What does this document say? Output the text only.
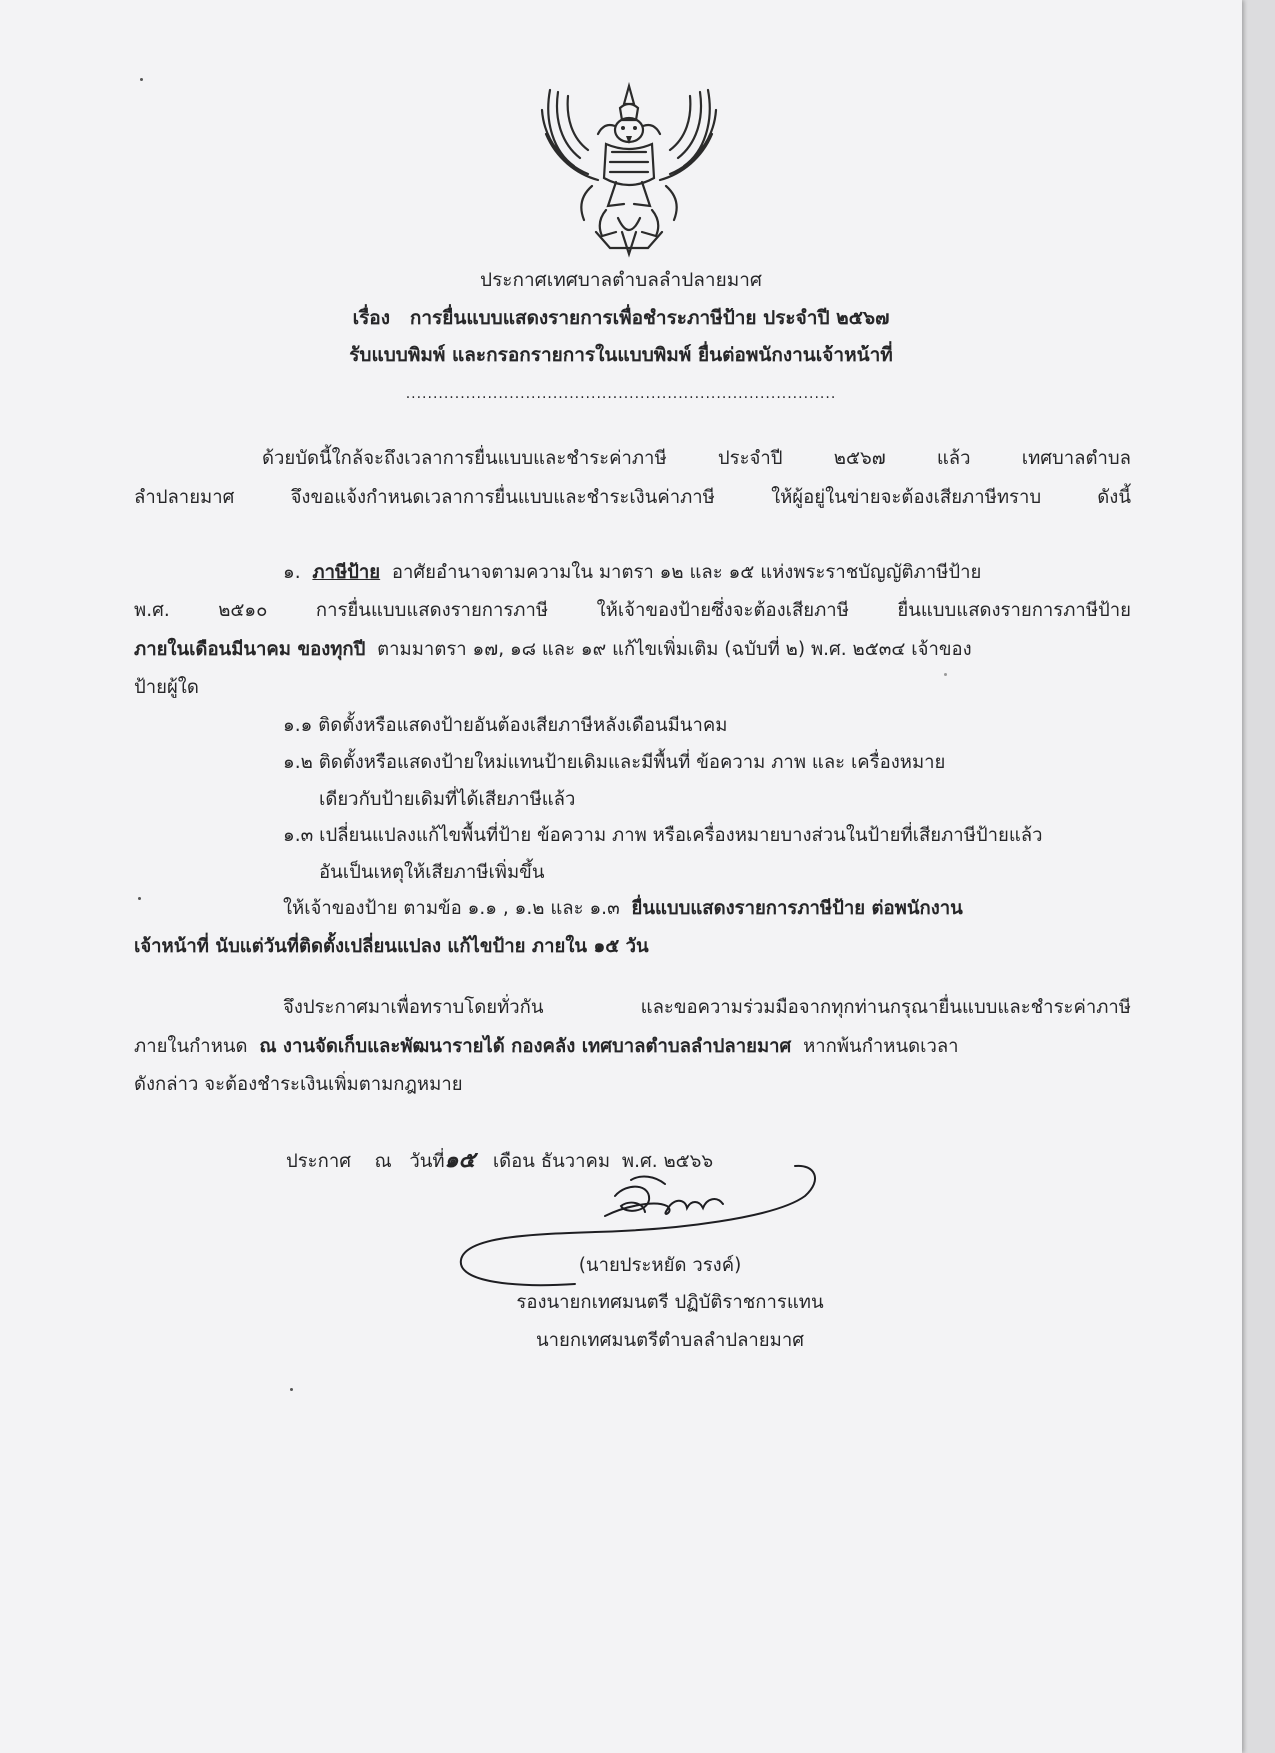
ประกาศเทศบาลตำบลลำปลายมาศ
เรื่อง การยื่นแบบแสดงรายการเพื่อชำระภาษีป้าย ประจำปี ๒๕๖๗
รับแบบพิมพ์ และกรอกรายการในแบบพิมพ์ ยื่นต่อพนักงานเจ้าหน้าที่
...............................................................................
ด้วยบัดนี้ใกล้จะถึงเวลาการยื่นแบบและชำระค่าภาษี ประจำปี ๒๕๖๗ แล้ว เทศบาลตำบล
ลำปลายมาศ จึงขอแจ้งกำหนดเวลาการยื่นแบบและชำระเงินค่าภาษี ให้ผู้อยู่ในข่ายจะต้องเสียภาษีทราบ ดังนี้
๑. ภาษีป้าย อาศัยอำนาจตามความใน มาตรา ๑๒ และ ๑๕ แห่งพระราชบัญญัติภาษีป้าย
พ.ศ. ๒๕๑๐ การยื่นแบบแสดงรายการภาษี ให้เจ้าของป้ายซึ่งจะต้องเสียภาษี ยื่นแบบแสดงรายการภาษีป้าย
ภายในเดือนมีนาคม ของทุกปี ตามมาตรา ๑๗, ๑๘ และ ๑๙ แก้ไขเพิ่มเติม (ฉบับที่ ๒) พ.ศ. ๒๕๓๔ เจ้าของ
ป้ายผู้ใด
๑.๑ ติดตั้งหรือแสดงป้ายอันต้องเสียภาษีหลังเดือนมีนาคม
๑.๒ ติดตั้งหรือแสดงป้ายใหม่แทนป้ายเดิมและมีพื้นที่ ข้อความ ภาพ และ เครื่องหมาย
เดียวกับป้ายเดิมที่ได้เสียภาษีแล้ว
๑.๓ เปลี่ยนแปลงแก้ไขพื้นที่ป้าย ข้อความ ภาพ หรือเครื่องหมายบางส่วนในป้ายที่เสียภาษีป้ายแล้ว
อันเป็นเหตุให้เสียภาษีเพิ่มขึ้น
ให้เจ้าของป้าย ตามข้อ ๑.๑ , ๑.๒ และ ๑.๓ ยื่นแบบแสดงรายการภาษีป้าย ต่อพนักงาน
เจ้าหน้าที่ นับแต่วันที่ติดตั้งเปลี่ยนแปลง แก้ไขป้าย ภายใน ๑๕ วัน
จึงประกาศมาเพื่อทราบโดยทั่วกัน และขอความร่วมมือจากทุกท่านกรุณายื่นแบบและชำระค่าภาษี
ภายในกำหนด ณ งานจัดเก็บและพัฒนารายได้ กองคลัง เทศบาลตำบลลำปลายมาศ หากพ้นกำหนดเวลา
ดังกล่าว จะต้องชำระเงินเพิ่มตามกฎหมาย
ประกาศ ณ วันที่๑๕ เดือน ธันวาคม พ.ศ. ๒๕๖๖
(นายประหยัด วรงค์)
รองนายกเทศมนตรี ปฏิบัติราชการแทน
นายกเทศมนตรีตำบลลำปลายมาศ
